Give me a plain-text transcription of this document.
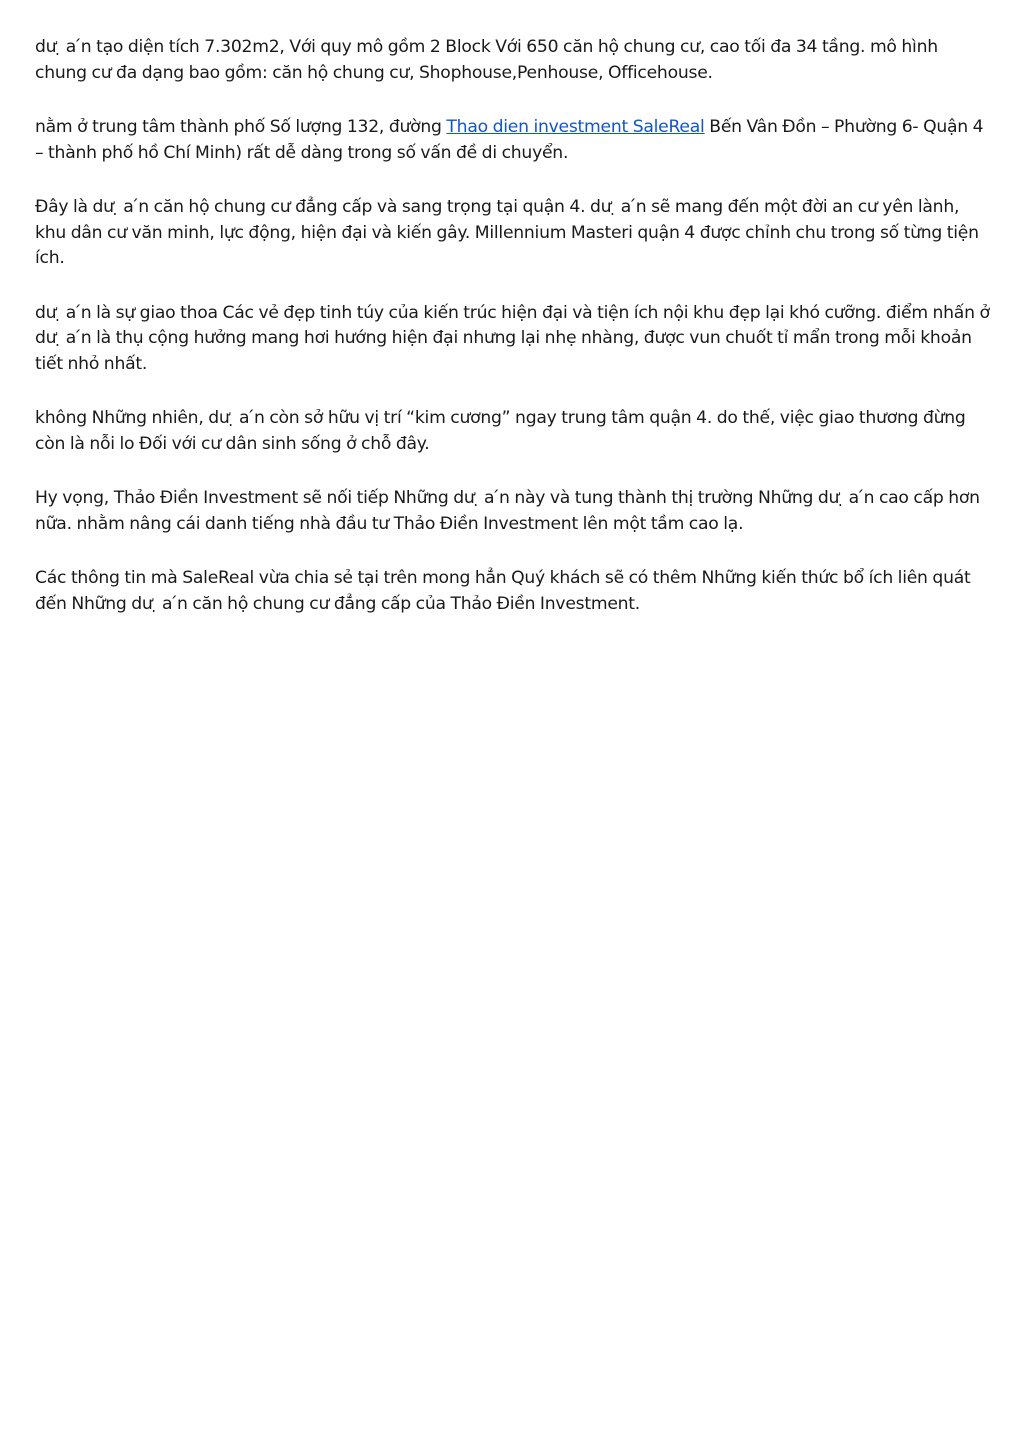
dư ̣ a ́n tạo diện tích 7.302m2, Với quy mô gồm 2 Block Với 650 căn hộ chung cư, cao tối đa 34 tầng. mô hình chung cư đa dạng bao gồm: căn hộ chung cư, Shophouse,Penhouse, Officehouse.

nằm ở trung tâm thành phố Số lượng 132, đường Thao dien investment SaleReal Bến Vân Đồn – Phường 6- Quận 4 – thành phố hồ Chí Minh) rất dễ dàng trong số vấn đề di chuyển.

Đây là dư ̣ a ́n căn hộ chung cư đẳng cấp và sang trọng tại quận 4. dư ̣ a ́n sẽ mang đến một đời an cư yên lành, khu dân cư văn minh, lực động, hiện đại và kiến gây. Millennium Masteri quận 4 được chỉnh chu trong số từng tiện ích.

dư ̣ a ́n là sự giao thoa Các vẻ đẹp tinh túy của kiến trúc hiện đại và tiện ích nội khu đẹp lại khó cưỡng. điểm nhấn ở dư ̣ a ́n là thụ cộng hưởng mang hơi hướng hiện đại nhưng lại nhẹ nhàng, được vun chuốt tỉ mẩn trong mỗi khoản tiết nhỏ nhất.

không Những nhiên, dư ̣ a ́n còn sở hữu vị trí “kim cương” ngay trung tâm quận 4. do thế, việc giao thương đừng còn là nỗi lo Đối với cư dân sinh sống ở chỗ đây.

Hy vọng, Thảo Điền Investment sẽ nối tiếp Những dư ̣ a ́n này và tung thành thị trường Những dư ̣ a ́n cao cấp hơn nữa. nhằm nâng cái danh tiếng nhà đầu tư Thảo Điền Investment lên một tầm cao lạ.

Các thông tin mà SaleReal vừa chia sẻ tại trên mong hẳn Quý khách sẽ có thêm Những kiến thức bổ ích liên quát đến Những dư ̣ a ́n căn hộ chung cư đẳng cấp của Thảo Điền Investment.
